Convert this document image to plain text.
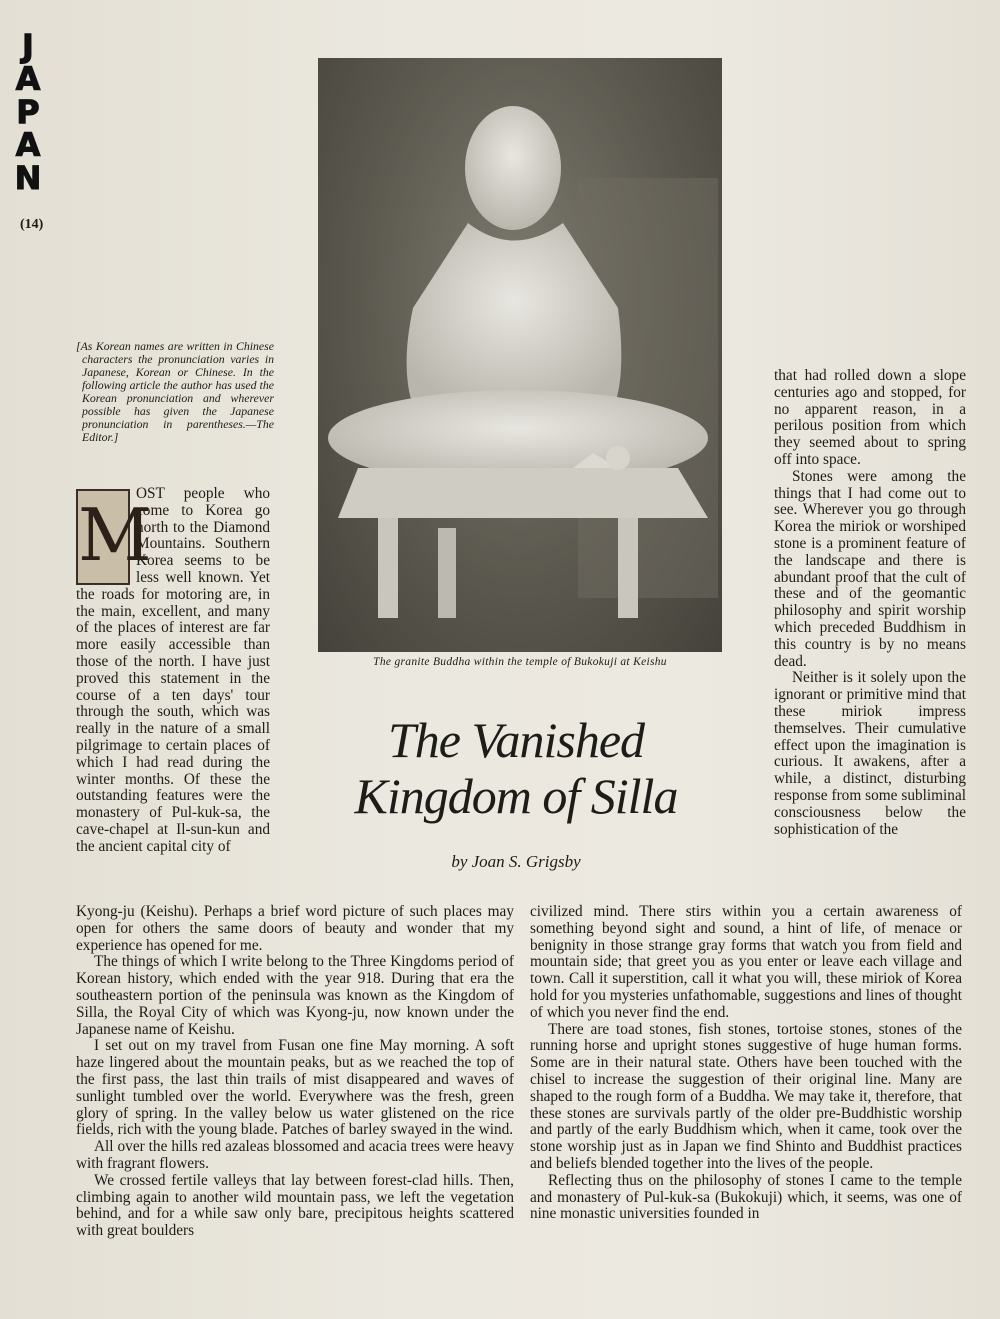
J
A
P
A
N
(14)
The granite Buddha within the temple of Bukokuji at Keishu
[As Korean names are written in Chinese characters the pronunciation varies in Japanese, Korean or Chinese. In the following article the author has used the Korean pronunciation and wherever possible has given the Japanese pronunciation in parentheses.—The Editor.]
The Vanished
Kingdom of Silla
by Joan S. Grigsby
M

OST people who come to Korea go north to the Diamond Mountains. Southern Korea seems to be less well known. Yet the roads for motoring are, in the main, excellent, and many of the places of interest are far more easily accessible than those of the north. I have just proved this statement in the course of a ten days' tour through the south, which was really in the nature of a small pilgrimage to certain places of which I had read during the winter months. Of these the outstanding features were the monastery of Pul-kuk-sa, the cave-chapel at Il-sun-kun and the ancient capital city of

that had rolled down a slope centuries ago and stopped, for no apparent reason, in a perilous position from which they seemed about to spring off into space.

Stones were among the things that I had come out to see. Wherever you go through Korea the miriok or worshiped stone is a prominent feature of the landscape and there is abundant proof that the cult of these and of the geomantic philosophy and spirit worship which preceded Buddhism in this country is by no means dead.

Neither is it solely upon the ignorant or primitive mind that these miriok impress themselves. Their cumulative effect upon the imagination is curious. It awakens, after a while, a distinct, disturbing response from some subliminal consciousness below the sophistication of the

Kyong-ju (Keishu). Perhaps a brief word picture of such places may open for others the same doors of beauty and wonder that my experience has opened for me.

The things of which I write belong to the Three Kingdoms period of Korean history, which ended with the year 918. During that era the southeastern portion of the peninsula was known as the Kingdom of Silla, the Royal City of which was Kyong-ju, now known under the Japanese name of Keishu.

I set out on my travel from Fusan one fine May morning. A soft haze lingered about the mountain peaks, but as we reached the top of the first pass, the last thin trails of mist disappeared and waves of sunlight tumbled over the world. Everywhere was the fresh, green glory of spring. In the valley below us water glistened on the rice fields, rich with the young blade. Patches of barley swayed in the wind.

All over the hills red azaleas blossomed and acacia trees were heavy with fragrant flowers.

We crossed fertile valleys that lay between forest-clad hills. Then, climbing again to another wild mountain pass, we left the vegetation behind, and for a while saw only bare, precipitous heights scattered with great boulders

civilized mind. There stirs within you a certain awareness of something beyond sight and sound, a hint of life, of menace or benignity in those strange gray forms that watch you from field and mountain side; that greet you as you enter or leave each village and town. Call it superstition, call it what you will, these miriok of Korea hold for you mysteries unfathomable, suggestions and lines of thought of which you never find the end.

There are toad stones, fish stones, tortoise stones, stones of the running horse and upright stones suggestive of huge human forms. Some are in their natural state. Others have been touched with the chisel to increase the suggestion of their original line. Many are shaped to the rough form of a Buddha. We may take it, therefore, that these stones are survivals partly of the older pre-Buddhistic worship and partly of the early Buddhism which, when it came, took over the stone worship just as in Japan we find Shinto and Buddhist practices and beliefs blended together into the lives of the people.

Reflecting thus on the philosophy of stones I came to the temple and monastery of Pul-kuk-sa (Bukokuji) which, it seems, was one of nine monastic universities founded in
